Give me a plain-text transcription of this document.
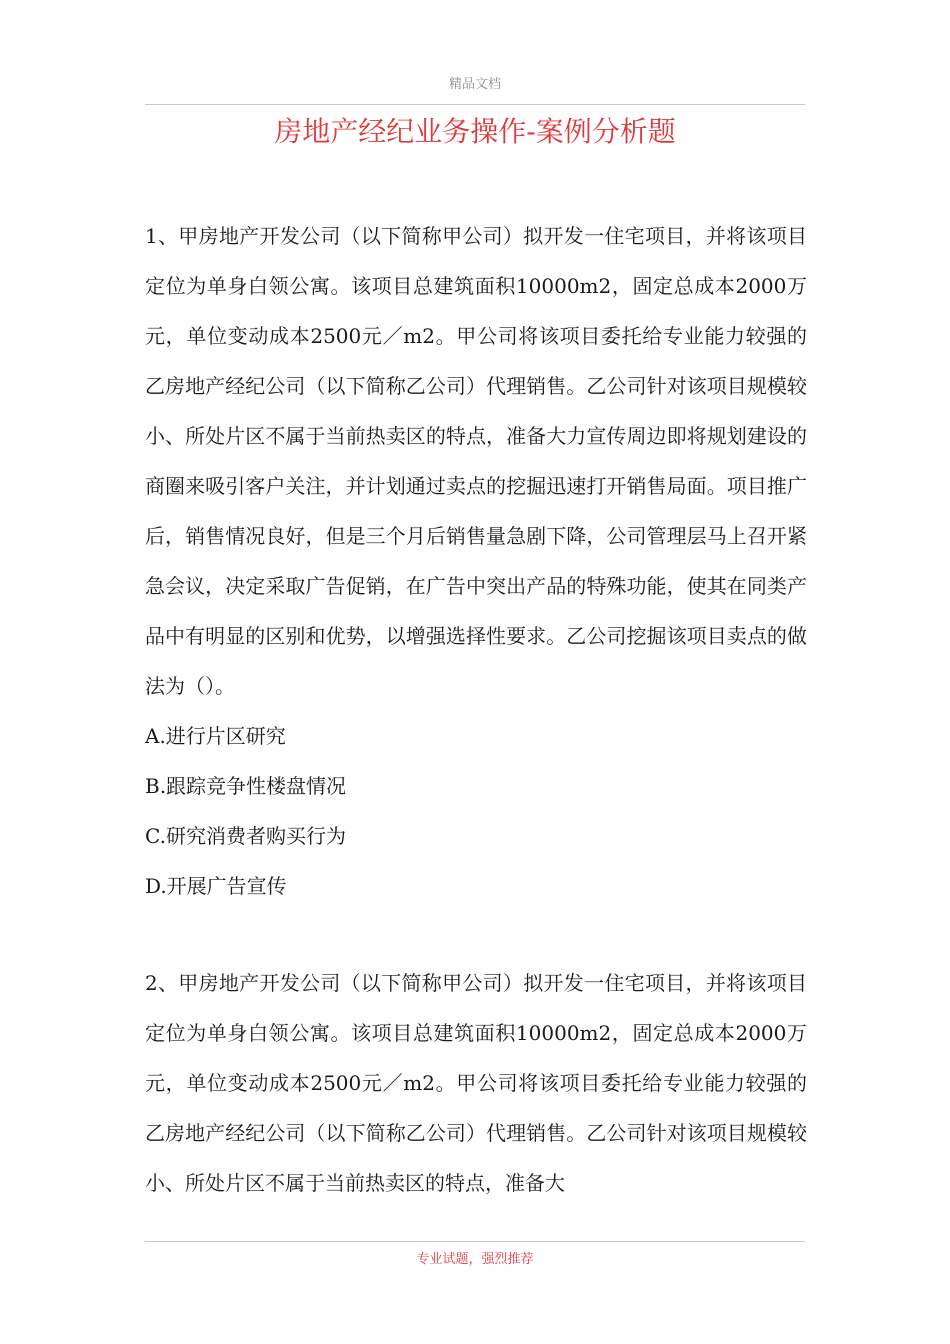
精品文档
房地产经纪业务操作-案例分析题

1、甲房地产开发公司（以下简称甲公司）拟开发一住宅项目，并将该项目定位为单身白领公寓。该项目总建筑面积10000m2，固定总成本2000万元，单位变动成本2500元／m2。甲公司将该项目委托给专业能力较强的乙房地产经纪公司（以下简称乙公司）代理销售。乙公司针对该项目规模较小、所处片区不属于当前热卖区的特点，准备大力宣传周边即将规划建设的商圈来吸引客户关注，并计划通过卖点的挖掘迅速打开销售局面。项目推广后，销售情况良好，但是三个月后销售量急剧下降，公司管理层马上召开紧急会议，决定采取广告促销，在广告中突出产品的特殊功能，使其在同类产品中有明显的区别和优势，以增强选择性要求。乙公司挖掘该项目卖点的做法为（）。

A.进行片区研究

B.跟踪竞争性楼盘情况

C.研究消费者购买行为

D.开展广告宣传

2、甲房地产开发公司（以下简称甲公司）拟开发一住宅项目，并将该项目定位为单身白领公寓。该项目总建筑面积10000m2，固定总成本2000万元，单位变动成本2500元／m2。甲公司将该项目委托给专业能力较强的乙房地产经纪公司（以下简称乙公司）代理销售。乙公司针对该项目规模较小、所处片区不属于当前热卖区的特点，准备大

专业试题，强烈推荐
